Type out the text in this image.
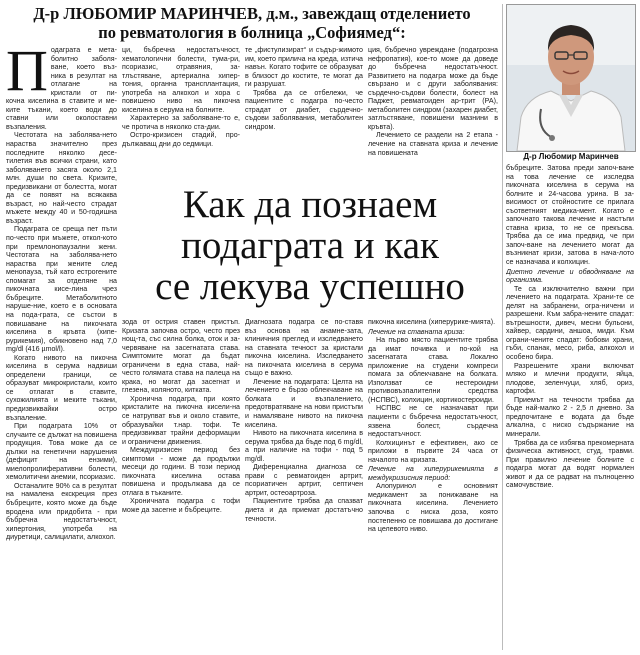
Д-р ЛЮБОМИР МАРИНЧЕВ, д.м., завеждащ отделението
по ревматология в болница „Софиямед“:
Д-р Любомир Маринчев
П одаграта е мета-болитно заболя-ване, което въз-ника в резултат на отлагане на кристали от пи-кочна киселина в ставите и ме-ките тъкани, което води до ставни или околоставни възпаления.

Честотата на заболява-нето нараства значително през последните няколко десе-тилетия във всички страни, като заболяването засяга около 2,1 млн. души по света. Кризите, предизвикани от болестта, могат да се появят на всякаква възраст, но най-често страдат мъжете между 40 и 50-годишна възраст.

Подаграта се среща пет пъти по-често при мъжете, откол-кото при премлонопаузални жени. Честотата на заболява-нето нараства при жените след менопауза, тъй като естрогените спомагат за отделяне на пикочната кисе-лина чрез бъбреците. Метаболитното наруше-ние, което е в основата на пода-грата, се състои в повишаване на пикочната киселина в кръвта (хипе-рурикемия), обикновено над 7,0 mg/dl (416 µmol/l).

Когато нивото на пикочна киселина в серума надвиши определени граници, се образуват микрокристали, които се отлагат в ставите, сухожилията и меките тъкани, предизвиквайки остро възпаление.

При подаграта 10% от случаите се дължат на повишена продукция. Това може да се дължи на генетични нарушения (дефицит на ензими), миелопролиферативни болести, хемолитични анемии, псориазис.

Останалите 90% са в резултат на намалена екскреция през бъбреците, която може да бъде вродена или придобита - при бъбречна недостатъчност, хипертония, употреба на диуретици, салицилати, алкохол.

ци, бъбречна недостатъчност, хематологични болести, тума-ри, псориазис, отравяния, за-тлъстяване, артериална хипер-тония, органна трансплантация, употреба на алкохол и хора с повишено ниво на пикочна киселина в серума на болните.

Характерно за заболяване-то е, че протича в няколко ста-дии.

Остро-кризисен стадий, про-дължаващ дни до седмици.

зода от острия ставен пристъп. Кризата започва остро, често през нощ-та, със силна болка, оток и за-червяване на засегнатата става. Симптомите могат да бъдат ограничени в една става, най-често голямата става на палеца на крака, но могат да засегнат и глезена, коляното, китката.

Хронична подагра, при която кристалите на пикочна кисели-на се натрупват във и около ставите, образувайки т.нар. тофи. Те предизвикват трайни деформации и ограничени движения.

Междукризисен период без симптоми - може да продължи месеци до години. В този период пикочната киселина остава повишена и продължава да се отлага в тъканите.

Хроничната подагра с тофи може да засегне и бъбреците.

те „фистулизират“ и съдър-жимото им, което прилича на креда, изтича навън. Когато тофите се образуват в близост до костите, те могат да ги разрушат.

Трябва да се отбележи, че пациентите с подагра по-често страдат от диабет, сърдечно-съдови заболявания, метаболитен синдром.

Диагнозата подагра се по-ставя въз основа на анамне-зата, клиничния преглед и изследването на ставната течност за кристали пикочна киселина. Изследването на пикочната киселина в серума също е важно.

Лечение на подаграта: Целта на лечението е бързо облекчаване на болката и възпалението, предотвратяване на нови пристъпи и намаляване нивото на пикочна киселина.

Нивото на пикочната киселина в серума трябва да бъде под 6 mg/dl, а при наличие на тофи - под 5 mg/dl.

Диференциална диагноза се прави с ревматоиден артрит, псориатичен артрит, септичен артрит, остеоартроза.

Пациентите трябва да спазват диета и да приемат достатъчно течности.

ция, бъбречно увреждане (подагрозна нефропатия), кое-то може да доведе до бъбречна недостатъчност. Развитието на подагра може да бъде свързано и с други заболявания: сърдечно-съдови болести, болест на Паджет, ревматоиден ар-трит (РА), метаболитен синдром (захарен диабет, затлъстяване, повишени мазнини в кръвта).

Лечението се раздели на 2 етапа - лечение на ставната криза и лечение на повишената

пикочна киселина (хиперурике-мията).

Лечение на ставната криза:

На първо място пациентите трябва да имат почивка и по-кой на засегнатата става. Локално приложение на студени компреси помага за облекчаване на болката. Използват се нестероидни противовъзпалителни средства (НСПВС), колхицин, кортикостероиди.

НСПВС не се назначават при пациенти с бъбречна недостатъчност, язвена болест, сърдечна недостатъчност.

Колхицинът е ефективен, ако се приложи в първите 24 часа от началото на кризата.

Лечение на хиперурикемията в междукризисния период:

Алопуринол е основният медикамент за понижаване на пикочната киселина. Лечението започва с ниска доза, която постепенно се повишава до достигане на целевото ниво.

бъбреците. Затова преди започ-ване на това лечение се изследва пикочната киселина в серума на болните и 24-часова урина. В за-висимост от стойностите се прилага съответният медика-мент. Когато е започнато такова лечение и настъпи ставна криза, то не се прекъсва. Трябва да се има предвид, че при започ-ване на лечението могат да възникнат кризи, затова в нача-лото се назначава и колхицин.

Диетно лечение и обводняване на организма.

Те са изключително важни при лечението на подаграта. Храни-те се делят на забранени, огра-ничени и разрешени. Към забра-нените спадат: вътрешности, дивеч, месни бульони, хайвер, сардини, аншоа, миди. Към ограни-чените спадат: бобови храни, гъби, спанак, месо, риба, алкохол и особено бира.

Разрешените храни включват мляко и млечни продукти, яйца, плодове, зеленчуци, хляб, ориз, картофи.

Приемът на течности трябва да бъде най-малко 2 - 2,5 л дневно. За предпочитане е водата да бъде алкална, с ниско съдържание на минерали.

Трябва да се избягва прекомерната физическа активност, студ, травми. При правилно лечение болните с подагра могат да водят нормален живот и да се радват на пълноценно самочувствие.

Как да познаем
подаграта и как
се лекува успешно
